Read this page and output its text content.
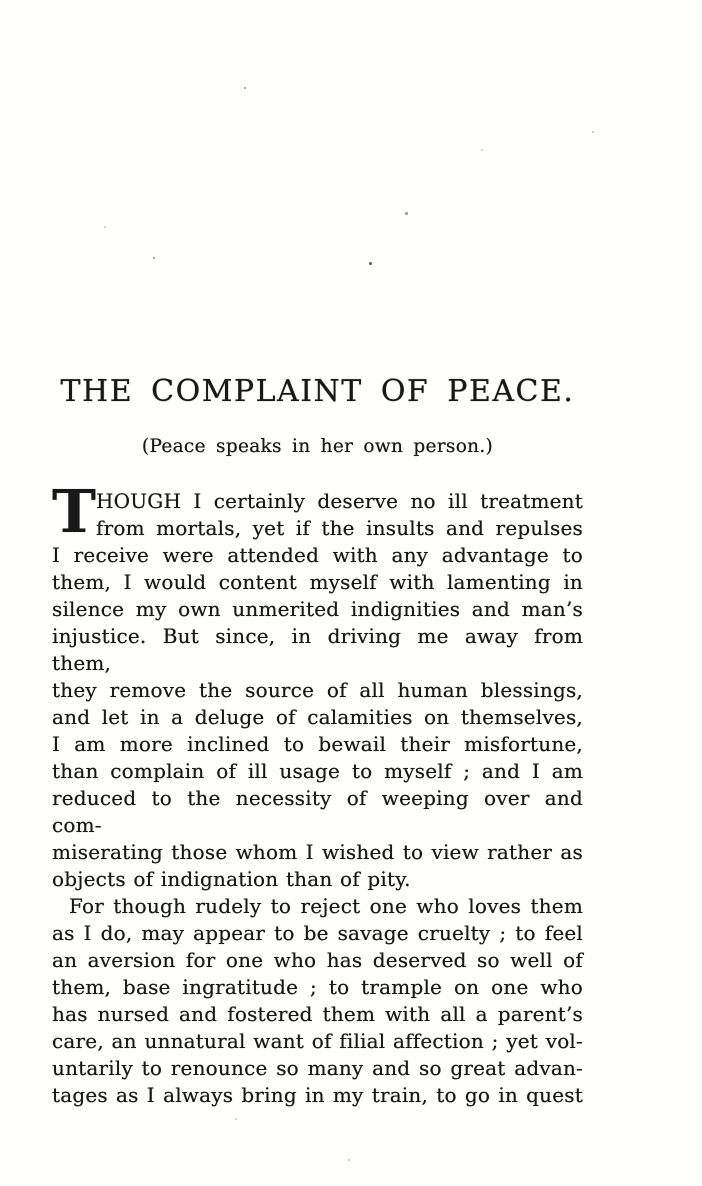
THE COMPLAINT OF PEACE.
(Peace speaks in her own person.)
T HOUGH I certainly deserve no ill treatment
from mortals, yet if the insults and repulses
I receive were attended with any advantage to
them, I would content myself with lamenting in
silence my own unmerited indignities and man’s
injustice. But since, in driving me away from them,
they remove the source of all human blessings,
and let in a deluge of calamities on themselves,
I am more inclined to bewail their misfortune,
than complain of ill usage to myself ; and I am
reduced to the necessity of weeping over and com-
miserating those whom I wished to view rather as
objects of indignation than of pity.
For though rudely to reject one who loves them
as I do, may appear to be savage cruelty ; to feel
an aversion for one who has deserved so well of
them, base ingratitude ; to trample on one who
has nursed and fostered them with all a parent’s
care, an unnatural want of filial affection ; yet vol-
untarily to renounce so many and so great advan-
tages as I always bring in my train, to go in quest
